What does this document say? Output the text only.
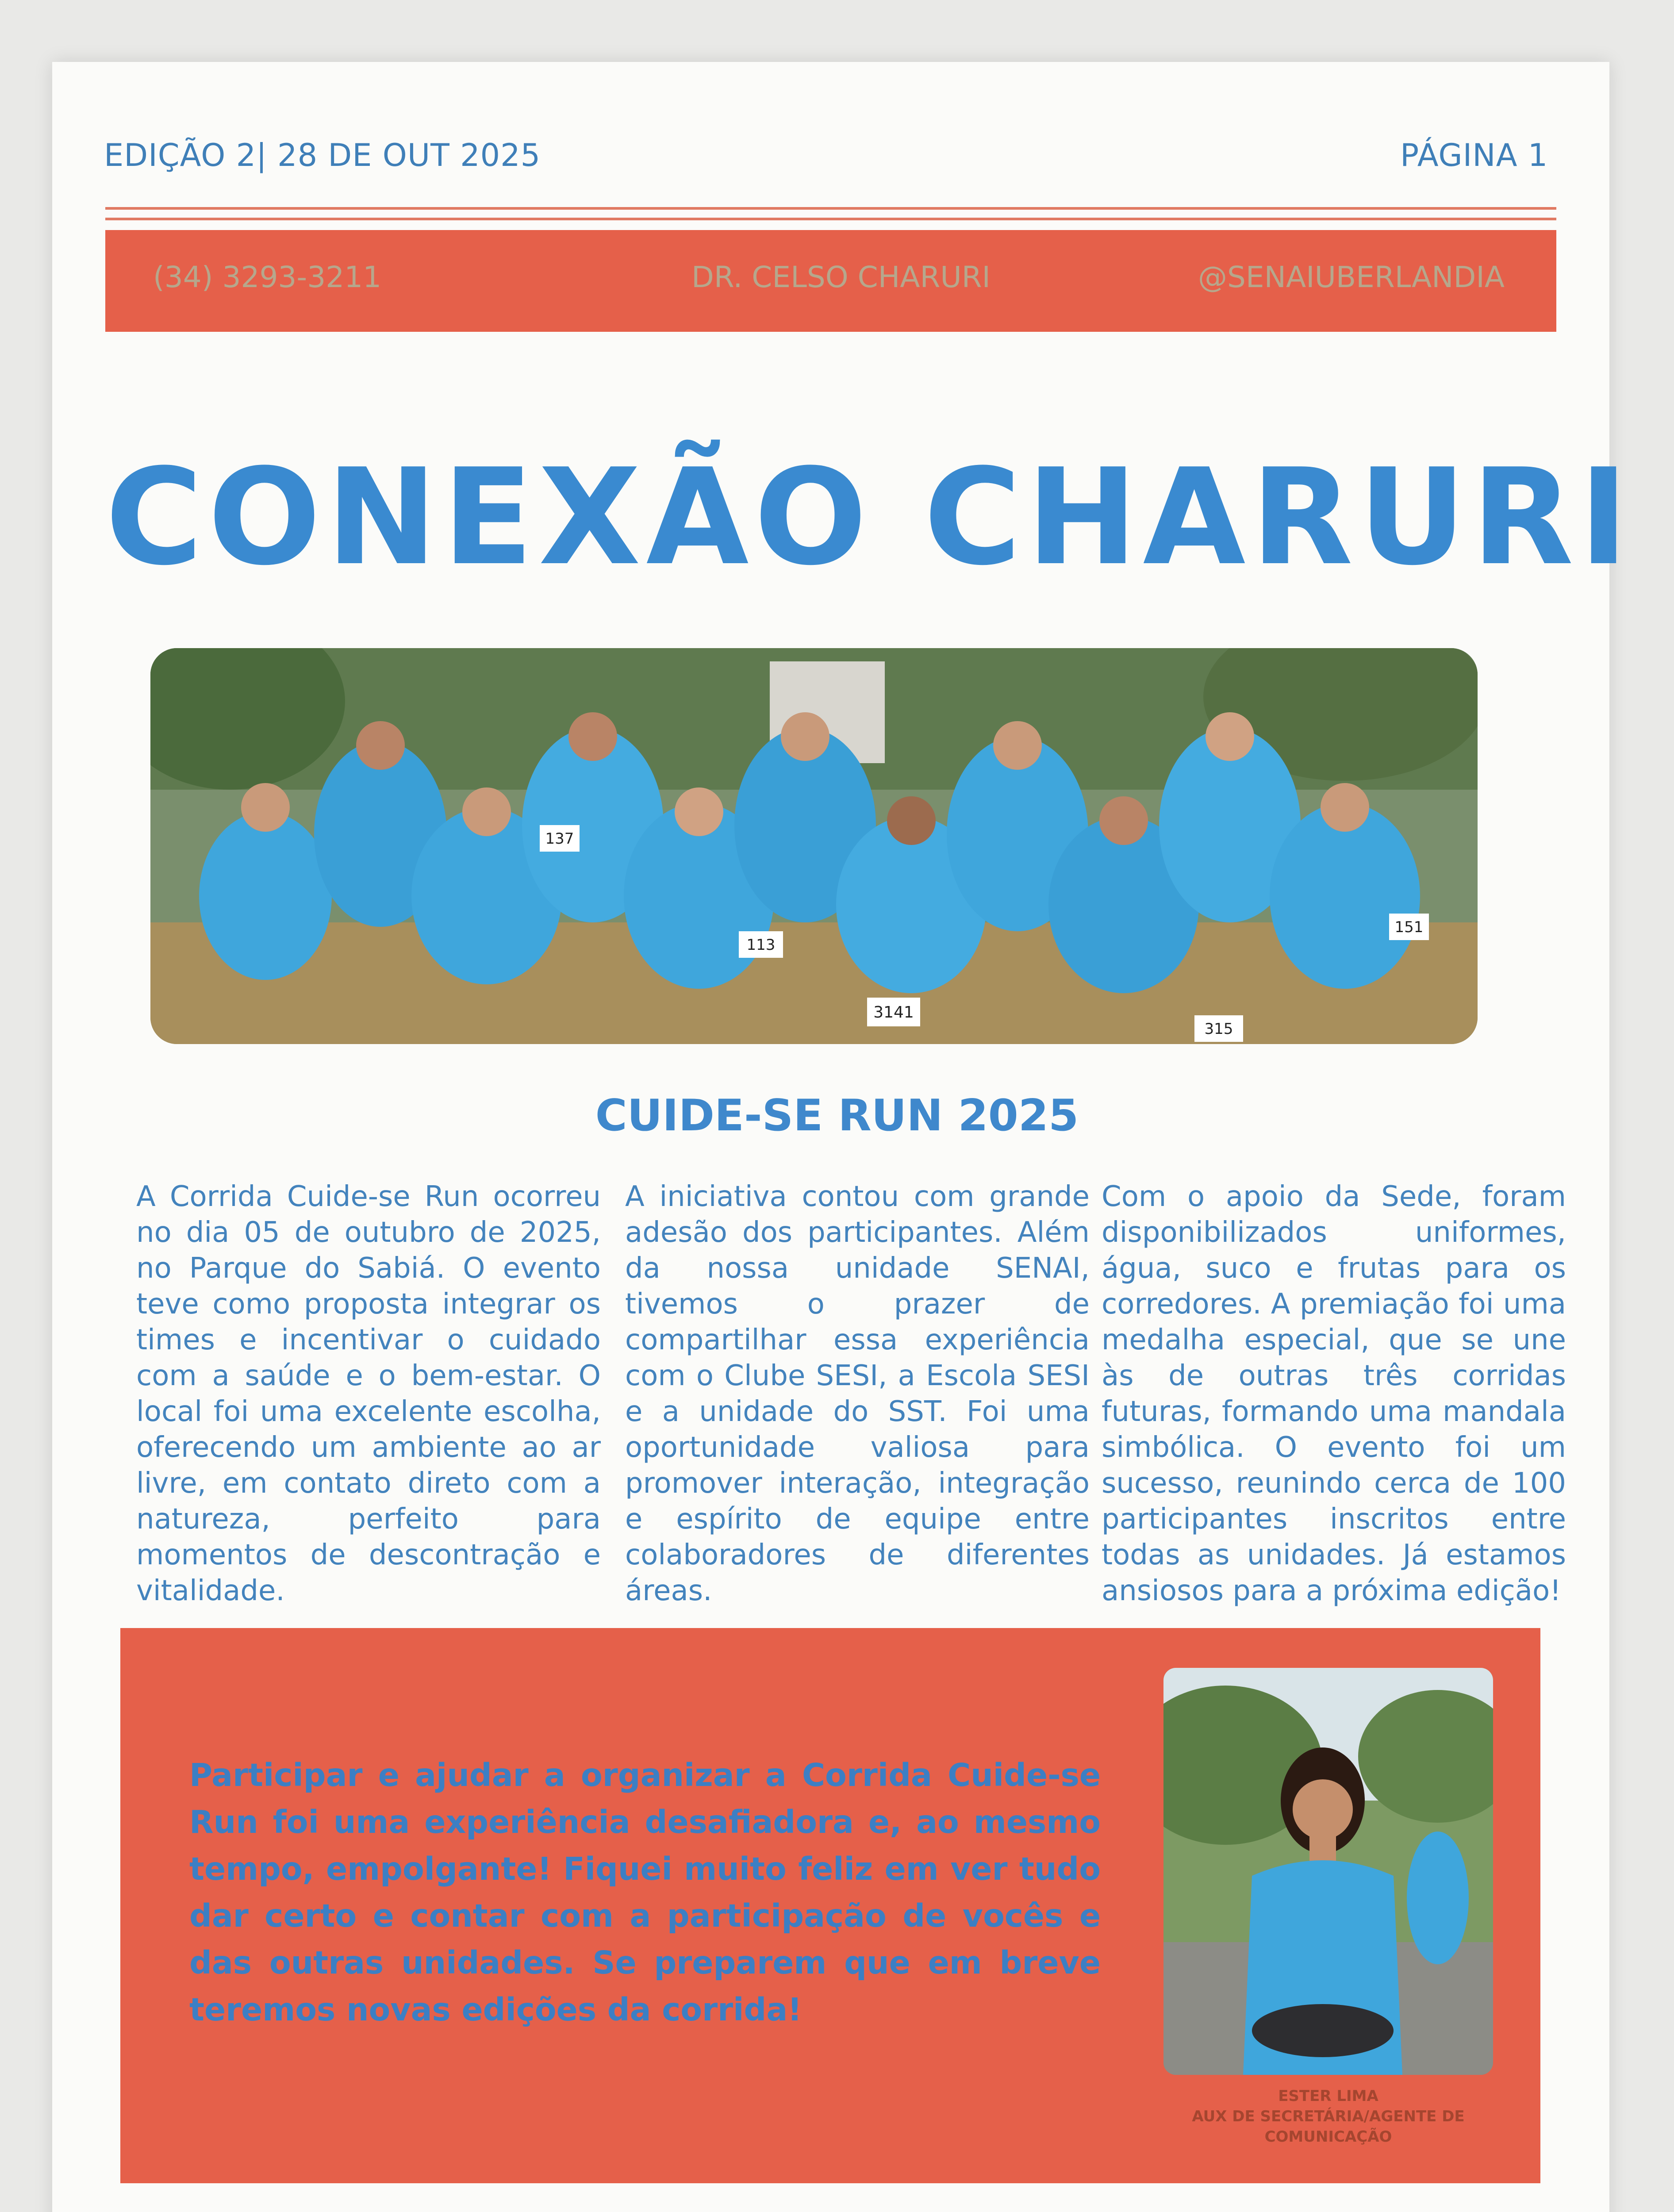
EDIÇÃO 2| 28 DE OUT 2025	PÁGINA 1
(34) 3293-3211	DR. CELSO CHARURI	@SENAIUBERLANDIA
CONEXÃO CHARURI
137
113
3141
151
315
CUIDE-SE RUN 2025

A Corrida Cuide-se Run ocorreu no dia 05 de outubro de 2025, no Parque do Sabiá. O evento teve como proposta integrar os times e incentivar o cuidado com a saúde e o bem-estar. O local foi uma excelente escolha, oferecendo um ambiente ao ar livre, em contato direto com a natureza, perfeito para momentos de descontração e vitalidade.

A iniciativa contou com grande adesão dos participantes. Além da nossa unidade SENAI, tivemos o prazer de compartilhar essa experiência com o Clube SESI, a Escola SESI e a unidade do SST. Foi uma oportunidade valiosa para promover interação, integração e espírito de equipe entre colaboradores de diferentes áreas.

Com o apoio da Sede, foram disponibilizados uniformes, água, suco e frutas para os corredores. A premiação foi uma medalha especial, que se une às de outras três corridas futuras, formando uma mandala simbólica. O evento foi um sucesso, reunindo cerca de 100 participantes inscritos entre todas as unidades. Já estamos ansiosos para a próxima edição!

Participar e ajudar a organizar a Corrida Cuide-se Run foi uma experiência desafiadora e, ao mesmo tempo, empolgante! Fiquei muito feliz em ver tudo dar certo e contar com a participação de vocês e das outras unidades. Se preparem que em breve teremos novas edições da corrida!

ESTER LIMA
AUX DE SECRETÁRIA/AGENTE DE
COMUNICAÇÃO
